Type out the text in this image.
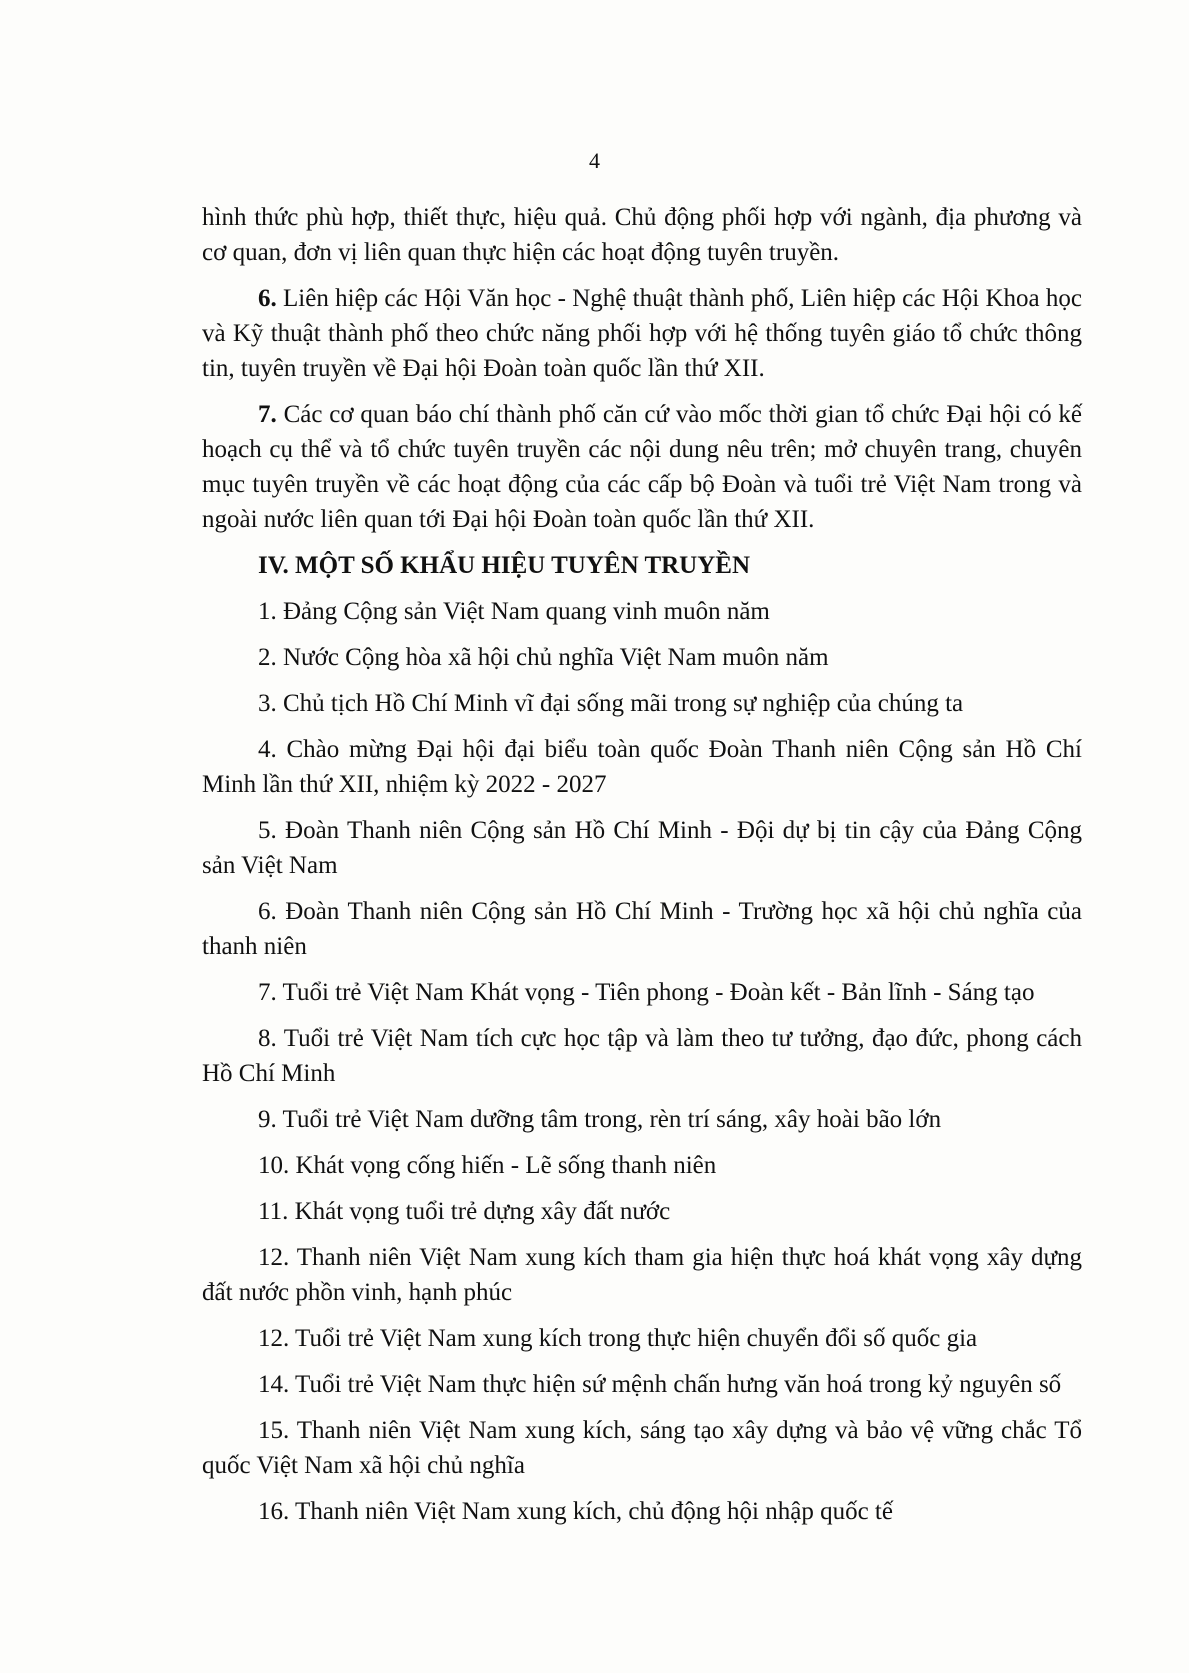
4

hình thức phù hợp, thiết thực, hiệu quả. Chủ động phối hợp với ngành, địa phương và cơ quan, đơn vị liên quan thực hiện các hoạt động tuyên truyền.

6. Liên hiệp các Hội Văn học - Nghệ thuật thành phố, Liên hiệp các Hội Khoa học và Kỹ thuật thành phố theo chức năng phối hợp với hệ thống tuyên giáo tổ chức thông tin, tuyên truyền về Đại hội Đoàn toàn quốc lần thứ XII.

7. Các cơ quan báo chí thành phố căn cứ vào mốc thời gian tổ chức Đại hội có kế hoạch cụ thể và tổ chức tuyên truyền các nội dung nêu trên; mở chuyên trang, chuyên mục tuyên truyền về các hoạt động của các cấp bộ Đoàn và tuổi trẻ Việt Nam trong và ngoài nước liên quan tới Đại hội Đoàn toàn quốc lần thứ XII.

IV. MỘT SỐ KHẨU HIỆU TUYÊN TRUYỀN
1. Đảng Cộng sản Việt Nam quang vinh muôn năm
2. Nước Cộng hòa xã hội chủ nghĩa Việt Nam muôn năm
3. Chủ tịch Hồ Chí Minh vĩ đại sống mãi trong sự nghiệp của chúng ta
4. Chào mừng Đại hội đại biểu toàn quốc Đoàn Thanh niên Cộng sản Hồ Chí Minh lần thứ XII, nhiệm kỳ 2022 - 2027
5. Đoàn Thanh niên Cộng sản Hồ Chí Minh - Đội dự bị tin cậy của Đảng Cộng sản Việt Nam
6. Đoàn Thanh niên Cộng sản Hồ Chí Minh - Trường học xã hội chủ nghĩa của thanh niên
7. Tuổi trẻ Việt Nam Khát vọng - Tiên phong - Đoàn kết - Bản lĩnh - Sáng tạo
8. Tuổi trẻ Việt Nam tích cực học tập và làm theo tư tưởng, đạo đức, phong cách Hồ Chí Minh
9. Tuổi trẻ Việt Nam dưỡng tâm trong, rèn trí sáng, xây hoài bão lớn
10. Khát vọng cống hiến - Lẽ sống thanh niên
11. Khát vọng tuổi trẻ dựng xây đất nước
12. Thanh niên Việt Nam xung kích tham gia hiện thực hoá khát vọng xây dựng đất nước phồn vinh, hạnh phúc
12. Tuổi trẻ Việt Nam xung kích trong thực hiện chuyển đổi số quốc gia
14. Tuổi trẻ Việt Nam thực hiện sứ mệnh chấn hưng văn hoá trong kỷ nguyên số
15. Thanh niên Việt Nam xung kích, sáng tạo xây dựng và bảo vệ vững chắc Tổ quốc Việt Nam xã hội chủ nghĩa
16. Thanh niên Việt Nam xung kích, chủ động hội nhập quốc tế
